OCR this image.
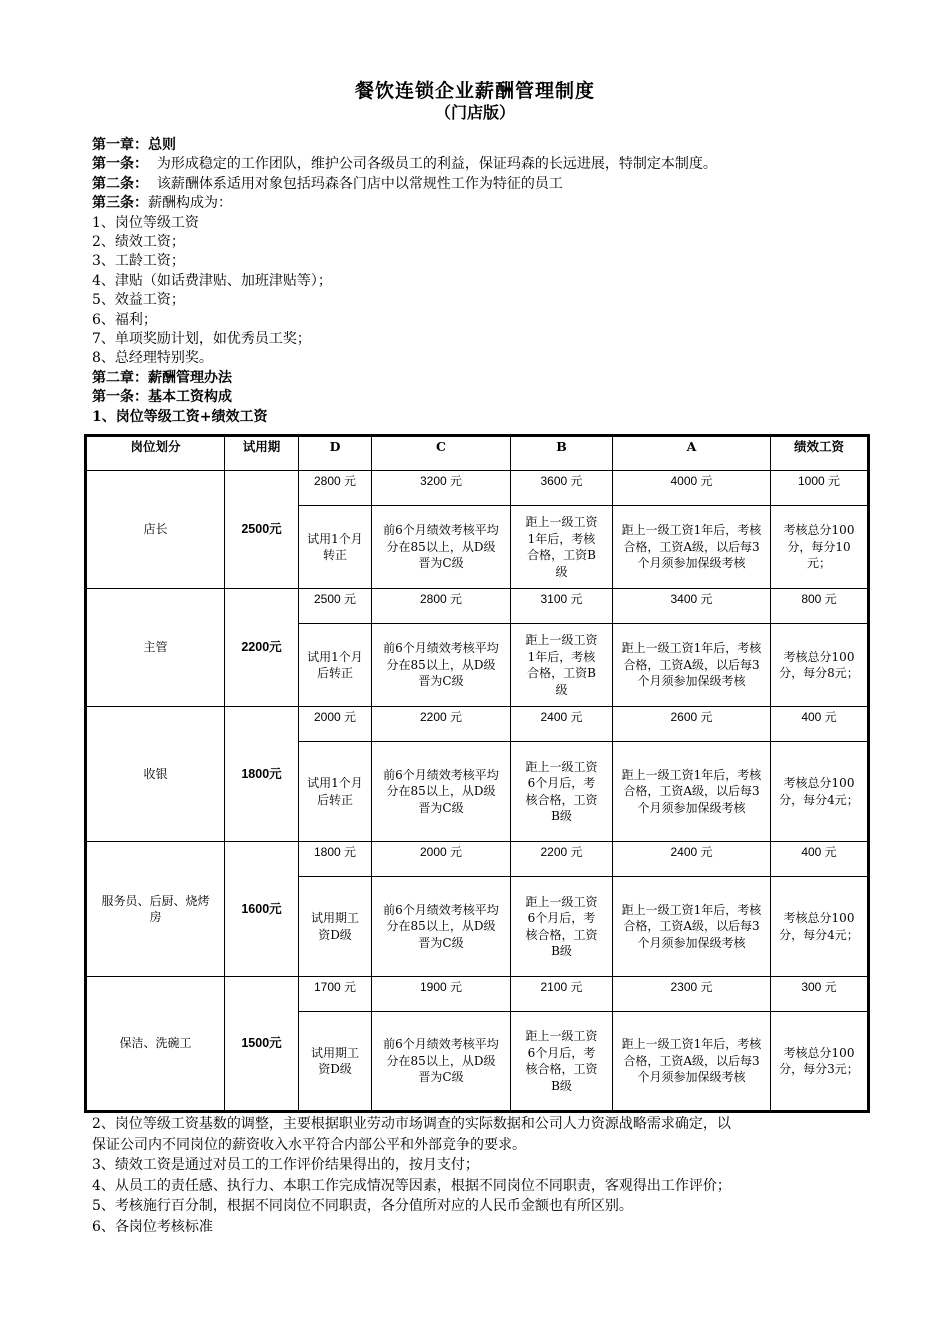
餐饮连锁企业薪酬管理制度
（门店版）
第一章：总则
第一条：  为形成稳定的工作团队，维护公司各级员工的利益，保证玛森的长远进展，特制定本制度。
第二条：  该薪酬体系适用对象包括玛森各门店中以常规性工作为特征的员工
第三条：薪酬构成为：
1、岗位等级工资
2、绩效工资；
3、工龄工资；
4、津贴（如话费津贴、加班津贴等）；
5、效益工资；
6、福利；
7、单项奖励计划，如优秀员工奖；
8、总经理特别奖。
第二章：薪酬管理办法
第一条：基本工资构成
1、岗位等级工资+绩效工资
岗位划分	试用期	D	C	B	A	绩效工资
店长	2500元	2800 元	3200 元	3600 元	4000 元	1000 元

		试用1个月转正	前6个月绩效考核平均分在85以上，从D级晋为C级	距上一级工资1年后，考核合格，工资B级	距上一级工资1年后，考核合格，工资A级，以后每3个月须参加保级考核	考核总分100分，每分10元；

主管	2200元	2500 元	2800 元	3100 元	3400 元	800 元

		试用1个月后转正	前6个月绩效考核平均分在85以上，从D级晋为C级	距上一级工资1年后，考核合格，工资B级	距上一级工资1年后，考核合格，工资A级，以后每3个月须参加保级考核	考核总分100分，每分8元；

收银	1800元	2000 元	2200 元	2400 元	2600 元	400 元

		试用1个月后转正	前6个月绩效考核平均分在85以上，从D级晋为C级	距上一级工资6个月后，考核合格，工资B级	距上一级工资1年后，考核合格，工资A级，以后每3个月须参加保级考核	考核总分100分，每分4元；

服务员、后厨、烧烤房	1600元	1800 元	2000 元	2200 元	2400 元	400 元

		试用期工资D级	前6个月绩效考核平均分在85以上，从D级晋为C级	距上一级工资6个月后，考核合格，工资B级	距上一级工资1年后，考核合格，工资A级，以后每3个月须参加保级考核	考核总分100分，每分4元；

保洁、洗碗工	1500元	1700 元	1900 元	2100 元	2300 元	300 元

		试用期工资D级	前6个月绩效考核平均分在85以上，从D级晋为C级	距上一级工资6个月后，考核合格，工资B级	距上一级工资1年后，考核合格，工资A级，以后每3个月须参加保级考核	考核总分100分，每分3元；
2、岗位等级工资基数的调整，主要根据职业劳动市场调查的实际数据和公司人力资源战略需求确定，以
保证公司内不同岗位的薪资收入水平符合内部公平和外部竞争的要求。
3、绩效工资是通过对员工的工作评价结果得出的，按月支付；
4、从员工的责任感、执行力、本职工作完成情况等因素，根据不同岗位不同职责，客观得出工作评价；
5、考核施行百分制，根据不同岗位不同职责，各分值所对应的人民币金额也有所区别。
6、各岗位考核标准
